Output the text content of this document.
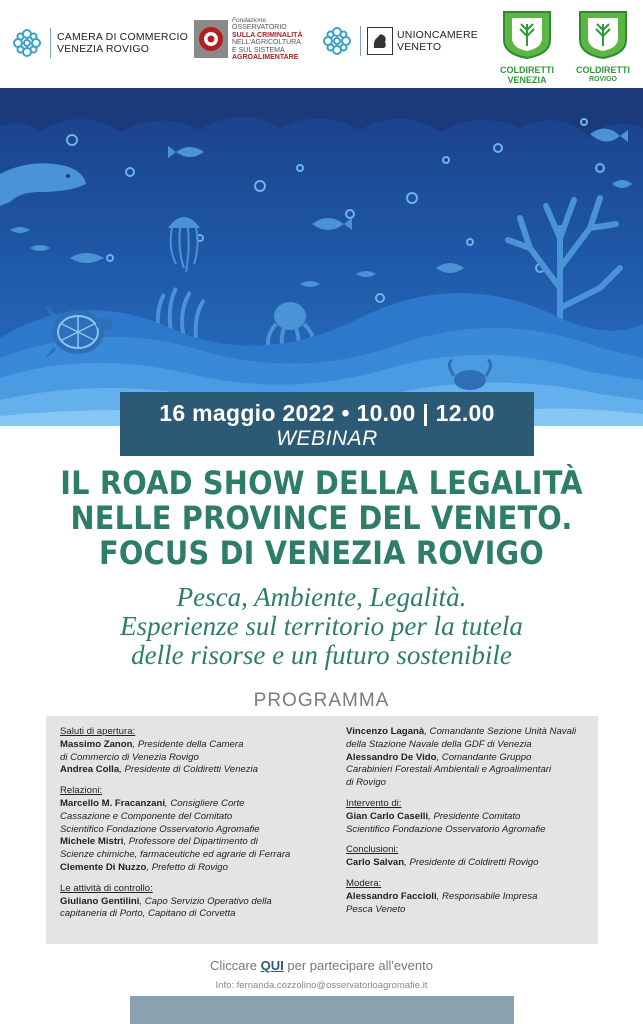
CAMERA DI COMMERCIO
VENEZIA ROVIGO
Fondazione
OSSERVATORIO
SULLA CRIMINALITÀ
NELL'AGRICOLTURA
E SUL SISTEMA
AGROALIMENTARE
UNIONCAMERE
VENETO
COLDIRETTI
VENEZIA
COLDIRETTI
ROVIGO
16 maggio 2022 • 10.00 | 12.00
WEBINAR
IL ROAD SHOW DELLA LEGALITÀ
NELLE PROVINCE DEL VENETO.
FOCUS DI VENEZIA ROVIGO
Pesca, Ambiente, Legalità.
Esperienze sul territorio per la tutela
delle risorse e un futuro sostenibile
PROGRAMMA
Saluti di apertura:
Massimo Zanon, Presidente della Camera
di Commercio di Venezia Rovigo
Andrea Colla, Presidente di Coldiretti Venezia
Relazioni:
Marcello M. Fracanzani, Consigliere Corte
Cassazione e Componente del Comitato
Scientifico Fondazione Osservatorio Agromafie
Michele Mistri, Professore del Dipartimento di
Scienze chimiche, farmaceutiche ed agrarie di Ferrara
Clemente Di Nuzzo, Prefetto di Rovigo
Le attività di controllo:
Giuliano Gentilini, Capo Servizio Operativo della
capitaneria di Porto, Capitano di Corvetta
Vincenzo Laganà, Comandante Sezione Unità Navali
della Stazione Navale della GDF di Venezia
Alessandro De Vido, Comandante Gruppo
Carabinieri Forestali Ambientali e Agroalimentari
di Rovigo
Intervento di:
Gian Carlo Caselli, Presidente Comitato
Scientifico Fondazione Osservatorio Agromafie
Conclusioni:
Carlo Salvan, Presidente di Coldiretti Rovigo
Modera:
Alessandro Faccioli, Responsabile Impresa
Pesca Veneto
Cliccare QUI per partecipare all'evento
Info: fernanda.cozzolino@osservatorioagromafie.it
